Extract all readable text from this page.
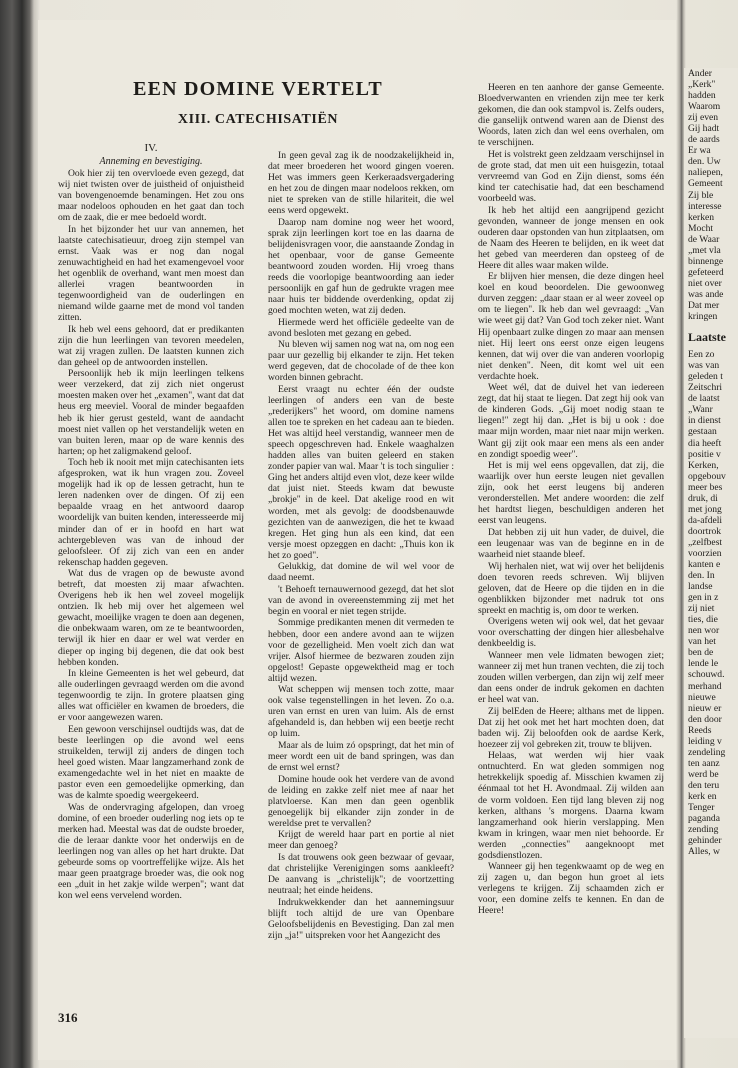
EEN DOMINE VERTELT
XIII. CATECHISATIËN
IV.
Anneming en bevestiging.

Ook hier zij ten overvloede even gezegd, dat wij niet twisten over de juistheid of onjuistheid van bovengenoemde benamingen. Het zou ons maar nodeloos ophouden en het gaat dan toch om de zaak, die er mee bedoeld wordt.

In het bijzonder het uur van annemen, het laatste catechisatieuur, droeg zijn stempel van ernst. Vaak was er nog dan nogal zenuwachtigheid en had het examengevoel voor het ogenblik de overhand, want men moest dan allerlei vragen beantwoorden in tegenwoordigheid van de ouderlingen en niemand wilde gaarne met de mond vol tanden zitten.

Ik heb wel eens gehoord, dat er predikanten zijn die hun leerlingen van tevoren meedelen, wat zij vragen zullen. De laatsten kunnen zich dan geheel op de antwoorden instellen.

Persoonlijk heb ik mijn leerlingen telkens weer verzekerd, dat zij zich niet ongerust moesten maken over het „examen", want dat dat heus erg meeviel. Vooral de minder begaafden heb ik hier gerust gesteld, want de aandacht moest niet vallen op het verstandelijk weten en van buiten leren, maar op de ware kennis des harten; op het zaligmakend geloof.

Toch heb ik nooit met mijn catechisanten iets afgesproken, wat ik hun vragen zou. Zoveel mogelijk had ik op de lessen getracht, hun te leren nadenken over de dingen. Of zij een bepaalde vraag en het antwoord daarop woordelijk van buiten kenden, interesseerde mij minder dan of er in hoofd en hart wat achtergebleven was van de inhoud der geloofsleer. Of zij zich van een en ander rekenschap hadden gegeven.

Wat dus de vragen op de bewuste avond betreft, dat moesten zij maar afwachten. Overigens heb ik hen wel zoveel mogelijk ontzien. Ik heb mij over het algemeen wel gewacht, moeilijke vragen te doen aan degenen, die onbekwaam waren, om ze te beantwoorden, terwijl ik hier en daar er wel wat verder en dieper op inging bij degenen, die dat ook best hebben konden.

In kleine Gemeenten is het wel gebeurd, dat alle ouderlingen gevraagd werden om die avond tegenwoordig te zijn. In grotere plaatsen ging alles wat officiëler en kwamen de broeders, die er voor aangewezen waren.

Een gewoon verschijnsel oudtijds was, dat de beste leerlingen op die avond wel eens struikelden, terwijl zij anders de dingen toch heel goed wisten. Maar langzamerhand zonk de examengedachte wel in het niet en maakte de pastor even een gemoedelijke opmerking, dan was de kalmte spoedig weergekeerd.

Was de ondervraging afgelopen, dan vroeg domine, of een broeder ouderling nog iets op te merken had. Meestal was dat de oudste broeder, die de leraar dankte voor het onderwijs en de leerlingen nog van alles op het hart drukte. Dat gebeurde soms op voortreffelijke wijze. Als het maar geen praatgrage broeder was, die ook nog een „duit in het zakje wilde werpen"; want dat kon wel eens vervelend worden.

In geen geval zag ik de noodzakelijkheid in, dat meer broederen het woord gingen voeren. Het was immers geen Kerkeraadsvergadering en het zou de dingen maar nodeloos rekken, om niet te spreken van de stille hilariteit, die wel eens werd opgewekt.

Daarop nam domine nog weer het woord, sprak zijn leerlingen kort toe en las daarna de belijdenisvragen voor, die aanstaande Zondag in het openbaar, voor de ganse Gemeente beantwoord zouden worden. Hij vroeg thans reeds die voorlopige beantwoording aan ieder persoonlijk en gaf hun de gedrukte vragen mee naar huis ter biddende overdenking, opdat zij goed mochten weten, wat zij deden.

Hiermede werd het officiële gedeelte van de avond besloten met gezang en gebed.

Nu bleven wij samen nog wat na, om nog een paar uur gezellig bij elkander te zijn. Het teken werd gegeven, dat de chocolade of de thee kon worden binnen gebracht.

Eerst vraagt nu echter één der oudste leerlingen of anders een van de beste „rederijkers" het woord, om domine namens allen toe te spreken en het cadeau aan te bieden. Het was altijd heel verstandig, wanneer men de speech opgeschreven had. Enkele waaghalzen hadden alles van buiten geleerd en staken zonder papier van wal. Maar 't is toch singulier : Ging het anders altijd even vlot, deze keer wilde dat juist niet. Steeds kwam dat bewuste „brokje" in de keel. Dat akelige rood en wit worden, met als gevolg: de doodsbenauwde gezichten van de aanwezigen, die het te kwaad kregen. Het ging hun als een kind, dat een versje moest opzeggen en dacht: „Thuis kon ik het zo goed".

Gelukkig, dat domine de wil wel voor de daad neemt.

't Behoeft ternauwernood gezegd, dat het slot van de avond in overeenstemming zij met het begin en vooral er niet tegen strijde.

Sommige predikanten menen dit vermeden te hebben, door een andere avond aan te wijzen voor de gezelligheid. Men voelt zich dan wat vrijer. Alsof hiermee de bezwaren zouden zijn opgelost! Gepaste opgewektheid mag er toch altijd wezen.

Wat scheppen wij mensen toch zotte, maar ook valse tegenstellingen in het leven. Zo o.a. uren van ernst en uren van luim. Als de ernst afgehandeld is, dan hebben wij een beetje recht op luim.

Maar als de luim zó opspringt, dat het min of meer wordt een uit de band springen, was dan de ernst wel ernst?

Domine houde ook het verdere van de avond de leiding en zakke zelf niet mee af naar het platvloerse. Kan men dan geen ogenblik genoegelijk bij elkander zijn zonder in de wereldse pret te vervallen?

Krijgt de wereld haar part en portie al niet meer dan genoeg?

Is dat trouwens ook geen bezwaar of gevaar, dat christelijke Verenigingen soms aankleeft? De aanvang is „christelijk"; de voortzetting neutraal; het einde heidens.

Indrukwekkender dan het aannemingsuur blijft toch altijd de ure van Openbare Geloofsbelijdenis en Bevestiging. Dan zal men zijn „ja!" uitspreken voor het Aangezicht des

Heeren en ten aanhore der ganse Gemeente. Bloedverwanten en vrienden zijn mee ter kerk gekomen, die dan ook stampvol is. Zelfs ouders, die ganselijk ontwend waren aan de Dienst des Woords, laten zich dan wel eens overhalen, om te verschijnen.

Het is volstrekt geen zeldzaam verschijnsel in de grote stad, dat men uit een huisgezin, totaal vervreemd van God en Zijn dienst, soms één kind ter catechisatie had, dat een beschamend voorbeeld was.

Ik heb het altijd een aangrijpend gezicht gevonden, wanneer de jonge mensen en ook ouderen daar opstonden van hun zitplaatsen, om de Naam des Heeren te belijden, en ik weet dat het gebed van meerderen dan opsteeg of de Heere dit alles waar maken wilde.

Er blijven hier mensen, die deze dingen heel koel en koud beoordelen. Die gewoonweg durven zeggen: „daar staan er al weer zoveel op om te liegen". Ik heb dan wel gevraagd: „Van wie weet gij dat? Van God toch zeker niet. Want Hij openbaart zulke dingen zo maar aan mensen niet. Hij leert ons eerst onze eigen leugens kennen, dat wij over die van anderen voorlopig niet denken". Neen, dit komt wel uit een verdachte hoek.

Weet wél, dat de duivel het van iedereen zegt, dat hij staat te liegen. Dat zegt hij ook van de kinderen Gods. „Gij moet nodig staan te liegen!" zegt hij dan. „Het is bij u ook : doe maar mijn worden, maar niet naar mijn werken. Want gij zijt ook maar een mens als een ander en zondigt spoedig weer".

Het is mij wel eens opgevallen, dat zij, die waarlijk over hun eerste leugen niet gevallen zijn, ook het eerst leugens bij anderen veronderstellen. Met andere woorden: die zelf het hardtst liegen, beschuldigen anderen het eerst van leugens.

Dat hebben zij uit hun vader, de duivel, die een leugenaar was van de beginne en in de waarheid niet staande bleef.

Wij herhalen niet, wat wij over het belijdenis doen tevoren reeds schreven. Wij blijven geloven, dat de Heere op die tijden en in die ogenblikken bijzonder met nadruk tot ons spreekt en machtig is, om door te werken.

Overigens weten wij ook wel, dat het gevaar voor overschatting der dingen hier allesbehalve denkbeeldig is.

Wanneer men vele lidmaten bewogen ziet; wanneer zij met hun tranen vechten, die zij toch zouden willen verbergen, dan zijn wij zelf meer dan eens onder de indruk gekomen en dachten er heel wat van.

Zij belEden de Heere; althans met de lippen. Dat zij het ook met het hart mochten doen, dat baden wij. Zij beloofden ook de aardse Kerk, hoezeer zij vol gebreken zit, trouw te blijven.

Helaas, wat werden wij hier vaak ontnuchterd. En wat gleden sommigen nog hetrekkelijk spoedig af. Misschien kwamen zij éénmaal tot het H. Avondmaal. Zij wilden aan de vorm voldoen. Een tijd lang bleven zij nog kerken, althans 's morgens. Daarna kwam langzamerhand ook hierin verslapping. Men kwam in kringen, waar men niet behoorde. Er werden „connecties" aangeknoopt met godsdienstlozen.

Wanneer gij hen tegenkwaamt op de weg en zij zagen u, dan begon hun groet al iets verlegens te krijgen. Zij schaamden zich er voor, een domine zelfs te kennen. En dan de Heere!

316
Ander
„Kerk"
hadden
Waarom
zij even
Gij hadt
de aards
Er wa
den. Uw
naliepen,
Gemeent
Zij ble
interesse
kerken
Mocht
de Waar
„met vla
binnenge
gefeteerd
niet over
was ande
Dat mer
kringen
Laatste
Een zo
was van
geleden t
Zeitschri
de laatst
„Wanr
in dienst
gestaan
dia heeft
positie v
Kerken,
opgebouv
meer bes
druk, di
met jong
da-afdeli
doortrok
„zelfbest
voorzien
kanten e
den. In
landse
gen in z
zij niet
ties, die
nen wor
van het
ben de
lende le
schouwd.
merhand
nieuwe
nieuw er
den door
Reeds
leiding v
zendeling
ten aanz
werd be
den teru
kerk en
Tenger
paganda
zending
gehinder
Alles, w
